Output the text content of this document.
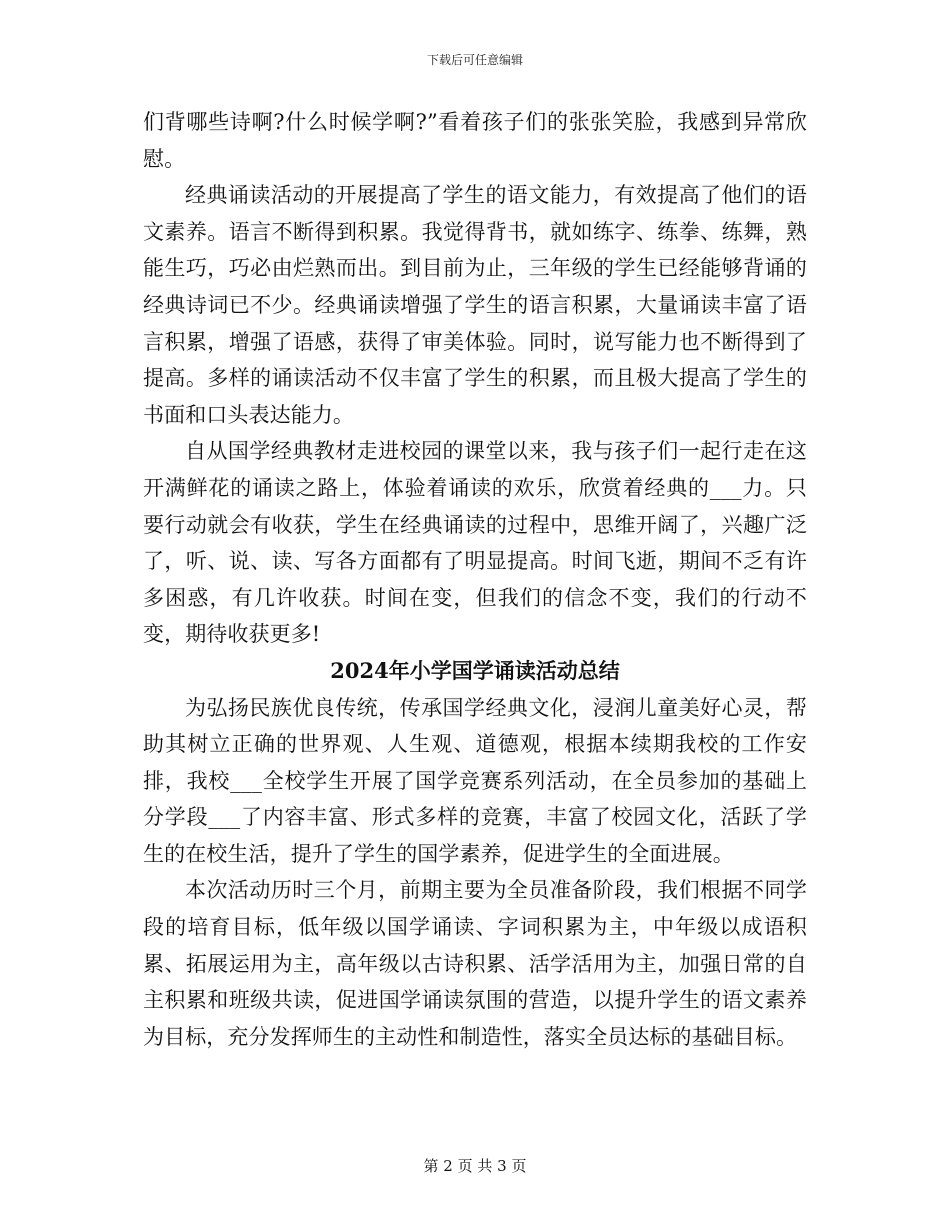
下载后可任意编辑

们背哪些诗啊?什么时候学啊?”看着孩子们的张张笑脸，我感到异常欣慰。

经典诵读活动的开展提高了学生的语文能力，有效提高了他们的语文素养。语言不断得到积累。我觉得背书，就如练字、练拳、练舞，熟能生巧，巧必由烂熟而出。到目前为止，三年级的学生已经能够背诵的经典诗词已不少。经典诵读增强了学生的语言积累，大量诵读丰富了语言积累，增强了语感，获得了审美体验。同时，说写能力也不断得到了提高。多样的诵读活动不仅丰富了学生的积累，而且极大提高了学生的书面和口头表达能力。

自从国学经典教材走进校园的课堂以来，我与孩子们一起行走在这开满鲜花的诵读之路上，体验着诵读的欢乐，欣赏着经典的___力。只要行动就会有收获，学生在经典诵读的过程中，思维开阔了，兴趣广泛了，听、说、读、写各方面都有了明显提高。时间飞逝，期间不乏有许多困惑，有几许收获。时间在变，但我们的信念不变，我们的行动不变，期待收获更多!

2024年小学国学诵读活动总结

为弘扬民族优良传统，传承国学经典文化，浸润儿童美好心灵，帮助其树立正确的世界观、人生观、道德观，根据本续期我校的工作安排，我校___全校学生开展了国学竞赛系列活动，在全员参加的基础上分学段___了内容丰富、形式多样的竞赛，丰富了校园文化，活跃了学生的在校生活，提升了学生的国学素养，促进学生的全面进展。

本次活动历时三个月，前期主要为全员准备阶段，我们根据不同学段的培育目标，低年级以国学诵读、字词积累为主，中年级以成语积累、拓展运用为主，高年级以古诗积累、活学活用为主，加强日常的自主积累和班级共读，促进国学诵读氛围的营造，以提升学生的语文素养为目标，充分发挥师生的主动性和制造性，落实全员达标的基础目标。

第 2 页 共 3 页
